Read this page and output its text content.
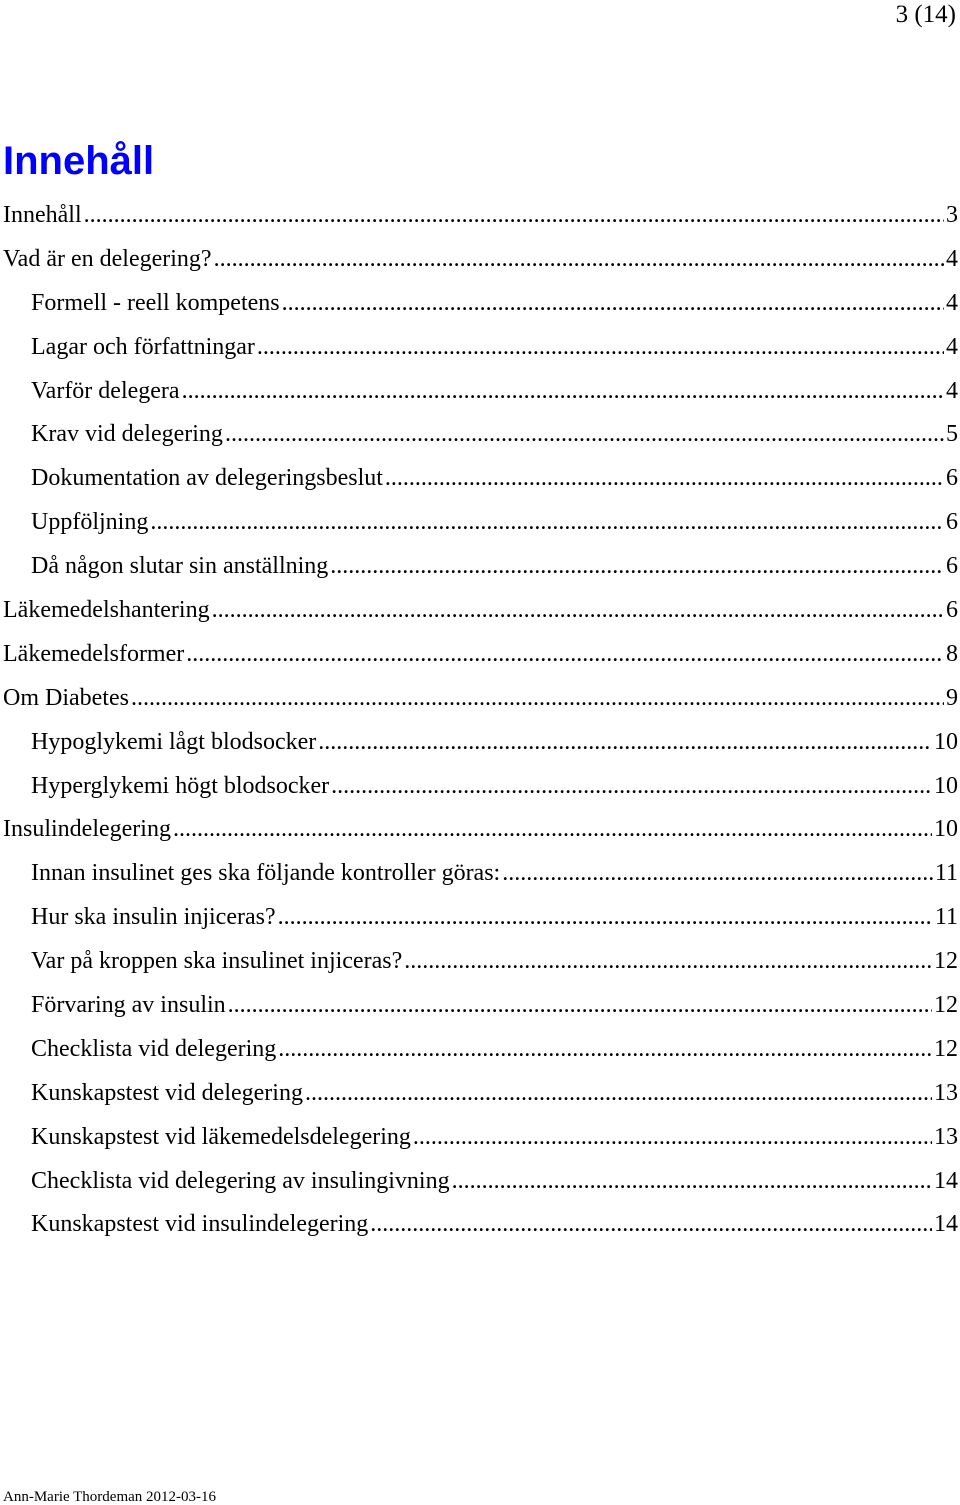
3 (14)
Innehåll
Innehåll .....	3
Vad är en delegering? .....	4
Formell - reell kompetens .....	4
Lagar och författningar .....	4
Varför delegera .....	4
Krav vid delegering .....	5
Dokumentation av delegeringsbeslut .....	6
Uppföljning .....	6
Då någon slutar sin anställning .....	6
Läkemedelshantering .....	6
Läkemedelsformer .....	8
Om Diabetes .....	9
Hypoglykemi lågt blodsocker .....	10
Hyperglykemi högt blodsocker .....	10
Insulindelegering .....	10
Innan insulinet ges ska följande kontroller göras: .....	11
Hur ska insulin injiceras? .....	11
Var på kroppen ska insulinet injiceras? .....	12
Förvaring av insulin .....	12
Checklista vid delegering .....	12
Kunskapstest vid delegering .....	13
Kunskapstest vid läkemedelsdelegering .....	13
Checklista vid delegering av insulingivning .....	14
Kunskapstest vid insulindelegering .....	14
Ann-Marie Thordeman 2012-03-16
